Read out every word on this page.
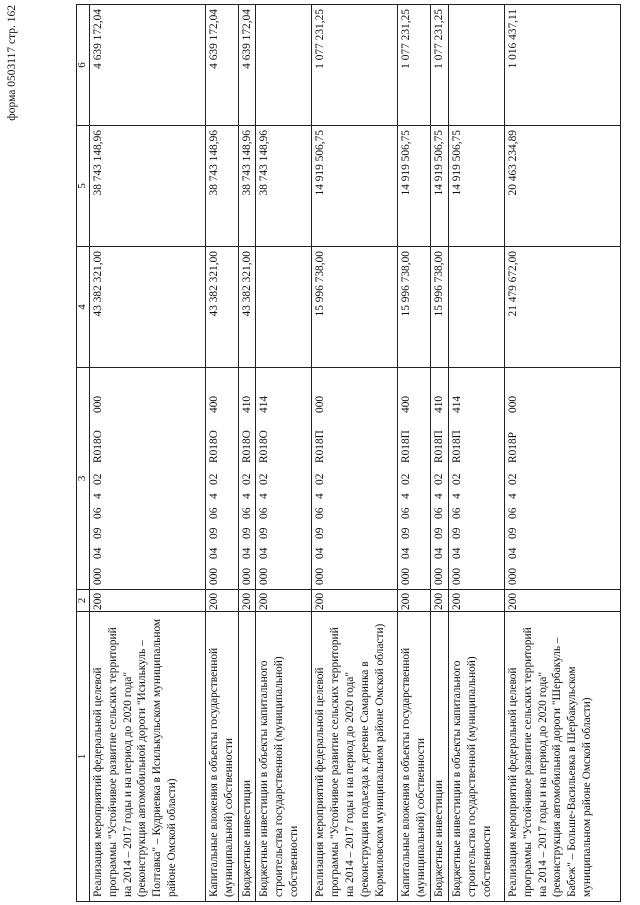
форма 0503117 стр. 162
1	2	3	4	5	6
Реализация мероприятий федеральной целевой программы "Устойчивое развитие сельских территорий на 2014 – 2017 годы и на период до 2020 года" (реконструкция автомобильной дороги "Исилькуль – Полтавка" – Кудриевка в Исилькульском муниципальном районе Омской области)	200	000040906402R018О000	43 382 321,00	38 743 148,96	4 639 172,04
Капитальные вложения в объекты государственной (муниципальной) собственности	200	000040906402R018О400	43 382 321,00	38 743 148,96	4 639 172,04
Бюджетные инвестиции	200	000040906402R018О410	43 382 321,00	38 743 148,96	4 639 172,04
Бюджетные инвестиции в объекты капитального строительства государственной (муниципальной) собственности	200	000040906402R018О414		38 743 148,96	
Реализация мероприятий федеральной целевой программы "Устойчивое развитие сельских территорий на 2014 – 2017 годы и на период до 2020 года" (реконструкция подъезда к деревне Самаринка в Кормиловском муниципальном районе Омской области)	200	000040906402R018П000	15 996 738,00	14 919 506,75	1 077 231,25
Капитальные вложения в объекты государственной (муниципальной) собственности	200	000040906402R018П400	15 996 738,00	14 919 506,75	1 077 231,25
Бюджетные инвестиции	200	000040906402R018П410	15 996 738,00	14 919 506,75	1 077 231,25
Бюджетные инвестиции в объекты капитального строительства государственной (муниципальной) собственности	200	000040906402R018П414		14 919 506,75	
Реализация мероприятий федеральной целевой программы "Устойчивое развитие сельских территорий на 2014 – 2017 годы и на период до 2020 года" (реконструкция автомобильной дороги "Шербакуль – Бабеж" – Больше-Васильевка в Шербакульском муниципальном районе Омской области)	200	000040906402R018Р000	21 479 672,00	20 463 234,89	1 016 437,11
